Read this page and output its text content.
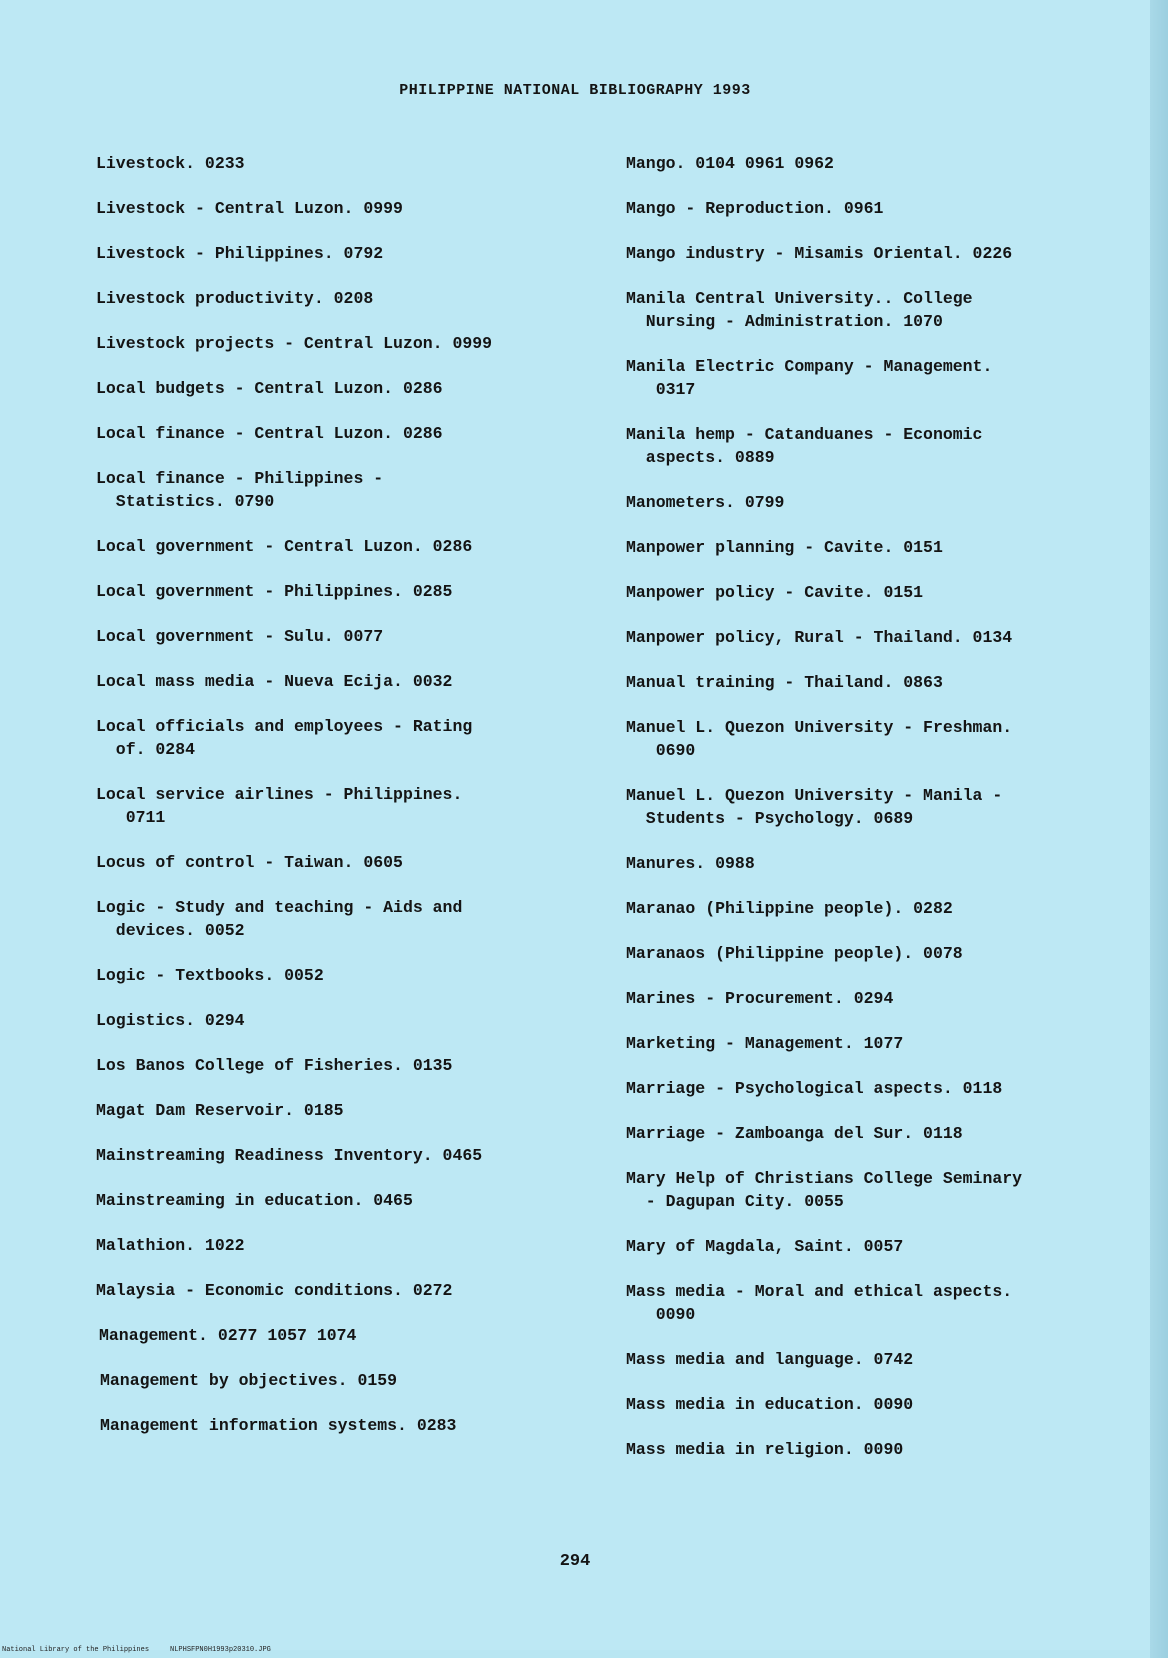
PHILIPPINE NATIONAL BIBLIOGRAPHY 1993
Livestock. 0233
Livestock - Central Luzon. 0999
Livestock - Philippines. 0792
Livestock productivity. 0208
Livestock projects - Central Luzon. 0999
Local budgets - Central Luzon. 0286
Local finance - Central Luzon. 0286
Local finance - Philippines -
Statistics. 0790
Local government - Central Luzon. 0286
Local government - Philippines. 0285
Local government - Sulu. 0077
Local mass media - Nueva Ecija. 0032
Local officials and employees - Rating
of. 0284
Local service airlines - Philippines.
0711
Locus of control - Taiwan. 0605
Logic - Study and teaching - Aids and
devices. 0052
Logic - Textbooks. 0052
Logistics. 0294
Los Banos College of Fisheries. 0135
Magat Dam Reservoir. 0185
Mainstreaming Readiness Inventory. 0465
Mainstreaming in education. 0465
Malathion. 1022
Malaysia - Economic conditions. 0272
Management. 0277 1057 1074
Management by objectives. 0159
Management information systems. 0283
Mango. 0104 0961 0962
Mango - Reproduction. 0961
Mango industry - Misamis Oriental. 0226
Manila Central University.. College
Nursing - Administration. 1070
Manila Electric Company - Management.
0317
Manila hemp - Catanduanes - Economic
aspects. 0889
Manometers. 0799
Manpower planning - Cavite. 0151
Manpower policy - Cavite. 0151
Manpower policy, Rural - Thailand. 0134
Manual training - Thailand. 0863
Manuel L. Quezon University - Freshman.
0690
Manuel L. Quezon University - Manila -
Students - Psychology. 0689
Manures. 0988
Maranao (Philippine people). 0282
Maranaos (Philippine people). 0078
Marines - Procurement. 0294
Marketing - Management. 1077
Marriage - Psychological aspects. 0118
Marriage - Zamboanga del Sur. 0118
Mary Help of Christians College Seminary
- Dagupan City. 0055
Mary of Magdala, Saint. 0057
Mass media - Moral and ethical aspects.
0090
Mass media and language. 0742
Mass media in education. 0090
Mass media in religion. 0090
294
National Library of the Philippines     NLPHSFPN0H1993p20310.JPG
